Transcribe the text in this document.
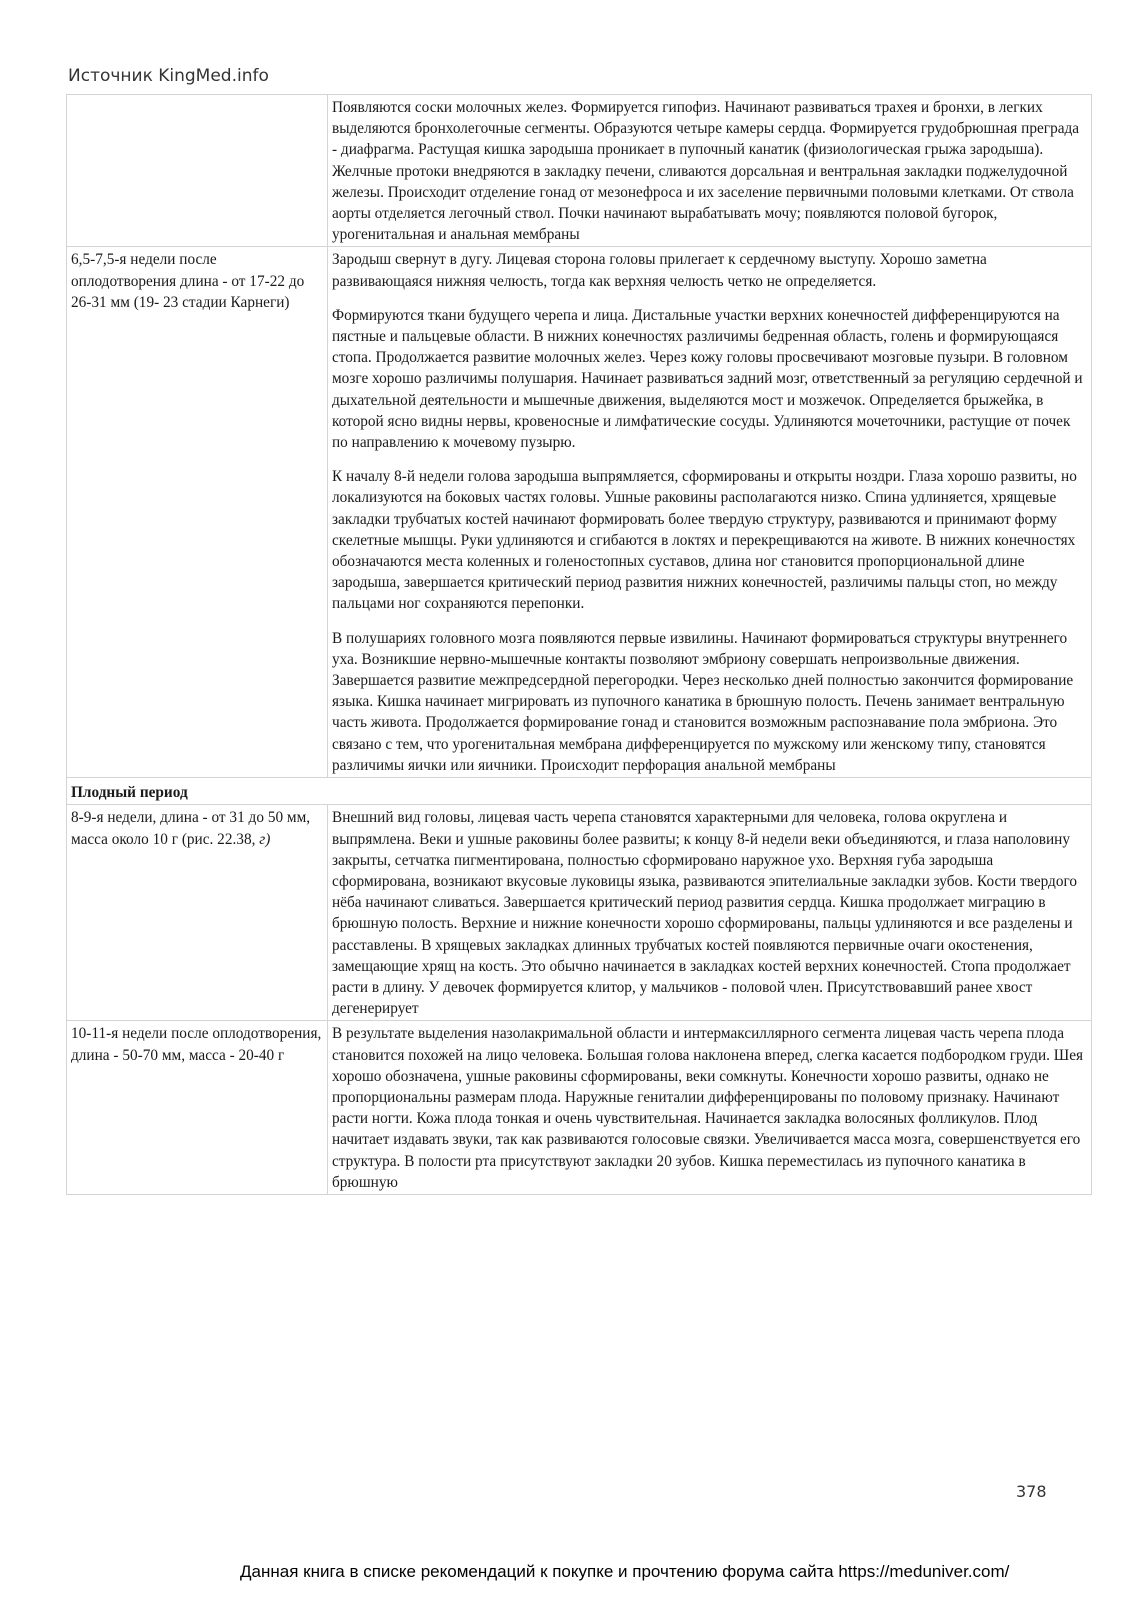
Источник KingMed.info

	Появляются соски молочных желез. Формируется гипофиз. Начинают развиваться трахея и бронхи, в легких выделяются бронхолегочные сегменты. Образуются четыре камеры сердца. Формируется грудобрюшная преграда - диафрагма. Растущая кишка зародыша проникает в пупочный канатик (физиологическая грыжа зародыша). Желчные протоки внедряются в закладку печени, сливаются дорсальная и вентральная закладки поджелудочной железы. Происходит отделение гонад от мезонефроса и их заселение первичными половыми клетками. От ствола аорты отделяется легочный ствол. Почки начинают вырабатывать мочу; появляются половой бугорок, урогенитальная и анальная мембраны

6,5-7,5-я недели после оплодотворения длина - от 17-22 до 26-31 мм (19- 23 стадии Карнеги)	Зародыш свернут в дугу. Лицевая сторона головы прилегает к сердечному выступу. Хорошо заметна развивающаяся нижняя челюсть, тогда как верхняя челюсть четко не определяется.

Формируются ткани будущего черепа и лица. Дистальные участки верхних конечностей дифференцируются на пястные и пальцевые области. В нижних конечностях различимы бедренная область, голень и формирующаяся стопа. Продолжается развитие молочных желез. Через кожу головы просвечивают мозговые пузыри. В головном мозге хорошо различимы полушария. Начинает развиваться задний мозг, ответственный за регуляцию сердечной и дыхательной деятельности и мышечные движения, выделяются мост и мозжечок. Определяется брыжейка, в которой ясно видны нервы, кровеносные и лимфатические сосуды. Удлиняются мочеточники, растущие от почек по направлению к мочевому пузырю.

К началу 8-й недели голова зародыша выпрямляется, сформированы и открыты ноздри. Глаза хорошо развиты, но локализуются на боковых частях головы. Ушные раковины располагаются низко. Спина удлиняется, хрящевые закладки трубчатых костей начинают формировать более твердую структуру, развиваются и принимают форму скелетные мышцы. Руки удлиняются и сгибаются в локтях и перекрещиваются на животе. В нижних конечностях обозначаются места коленных и голеностопных суставов, длина ног становится пропорциональной длине зародыша, завершается критический период развития нижних конечностей, различимы пальцы стоп, но между пальцами ног сохраняются перепонки.

В полушариях головного мозга появляются первые извилины. Начинают формироваться структуры внутреннего уха. Возникшие нервно-мышечные контакты позволяют эмбриону совершать непроизвольные движения. Завершается развитие межпредсердной перегородки. Через несколько дней полностью закончится формирование языка. Кишка начинает мигрировать из пупочного канатика в брюшную полость. Печень занимает вентральную часть живота. Продолжается формирование гонад и становится возможным распознавание пола эмбриона. Это связано с тем, что урогенитальная мембрана дифференцируется по мужскому или женскому типу, становятся различимы яички или яичники. Происходит перфорация анальной мембраны

Плодный период	
8-9-я недели, длина - от 31 до 50 мм, масса около 10 г (рис. 22.38, г)	Внешний вид головы, лицевая часть черепа становятся характерными для человека, голова округлена и выпрямлена. Веки и ушные раковины более развиты; к концу 8-й недели веки объединяются, и глаза наполовину закрыты, сетчатка пигментирована, полностью сформировано наружное ухо. Верхняя губа зародыша сформирована, возникают вкусовые луковицы языка, развиваются эпителиальные закладки зубов. Кости твердого нёба начинают сливаться. Завершается критический период развития сердца. Кишка продолжает миграцию в брюшную полость. Верхние и нижние конечности хорошо сформированы, пальцы удлиняются и все разделены и расставлены. В хрящевых закладках длинных трубчатых костей появляются первичные очаги окостенения, замещающие хрящ на кость. Это обычно начинается в закладках костей верхних конечностей. Стопа продолжает расти в длину. У девочек формируется клитор, у мальчиков - половой член. Присутствовавший ранее хвост дегенерирует

10-11-я недели после оплодотворения, длина - 50-70 мм, масса - 20-40 г	В результате выделения назолакримальной области и интермаксиллярного сегмента лицевая часть черепа плода становится похожей на лицо человека. Большая голова наклонена вперед, слегка касается подбородком груди. Шея хорошо обозначена, ушные раковины сформированы, веки сомкнуты. Конечности хорошо развиты, однако не пропорциональны размерам плода. Наружные гениталии дифференцированы по половому признаку. Начинают расти ногти. Кожа плода тонкая и очень чувствительная. Начинается закладка волосяных фолликулов. Плод начитает издавать звуки, так как развиваются голосовые связки. Увеличивается масса мозга, совершенствуется его структура. В полости рта присутствуют закладки 20 зубов. Кишка переместилась из пупочного канатика в брюшную

378
Данная книга в списке рекомендаций к покупке и прочтению форума сайта https://meduniver.com/
